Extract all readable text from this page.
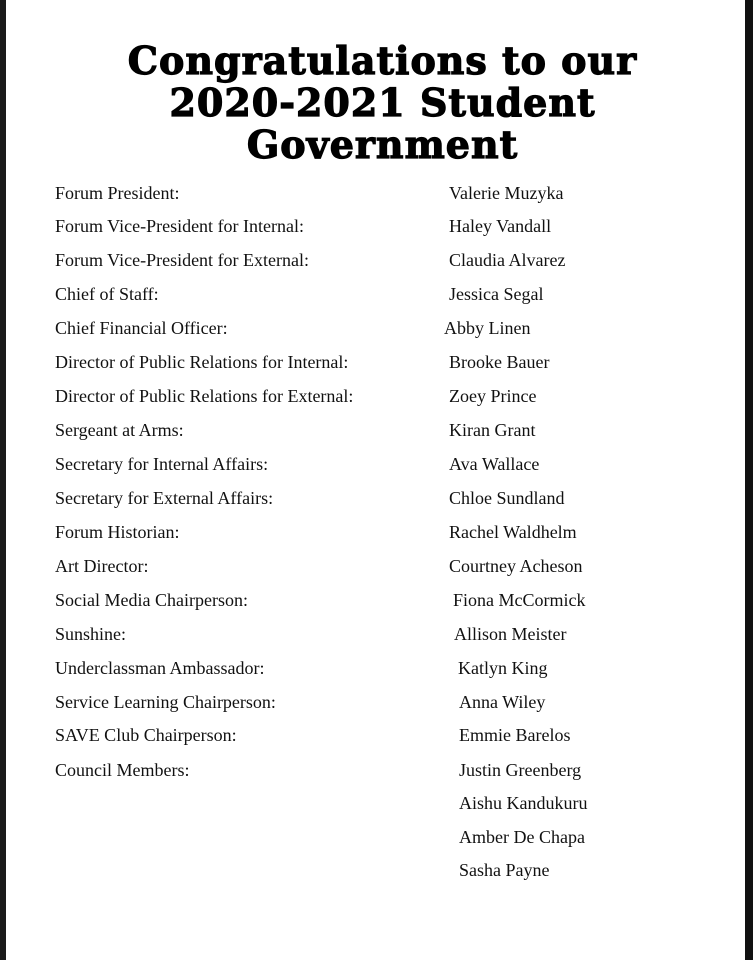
Congratulations to our
2020-2021 Student
Government
Forum President:	Valerie Muzyka
Forum Vice-President for Internal:	Haley Vandall
Forum Vice-President for External:	Claudia Alvarez
Chief of Staff:	Jessica Segal
Chief Financial Officer:	Abby Linen
Director of Public Relations for Internal:	Brooke Bauer
Director of Public Relations for External:	Zoey Prince
Sergeant at Arms:	Kiran Grant
Secretary for Internal Affairs:	Ava Wallace
Secretary for External Affairs:	Chloe Sundland
Forum Historian:	Rachel Waldhelm
Art Director:	Courtney Acheson
Social Media Chairperson:	Fiona McCormick
Sunshine:	Allison Meister
Underclassman Ambassador:	Katlyn King
Service Learning Chairperson:	Anna Wiley
SAVE Club Chairperson:	Emmie Barelos
Council Members:	Justin Greenberg
Aishu Kandukuru
Amber De Chapa
Sasha Payne
